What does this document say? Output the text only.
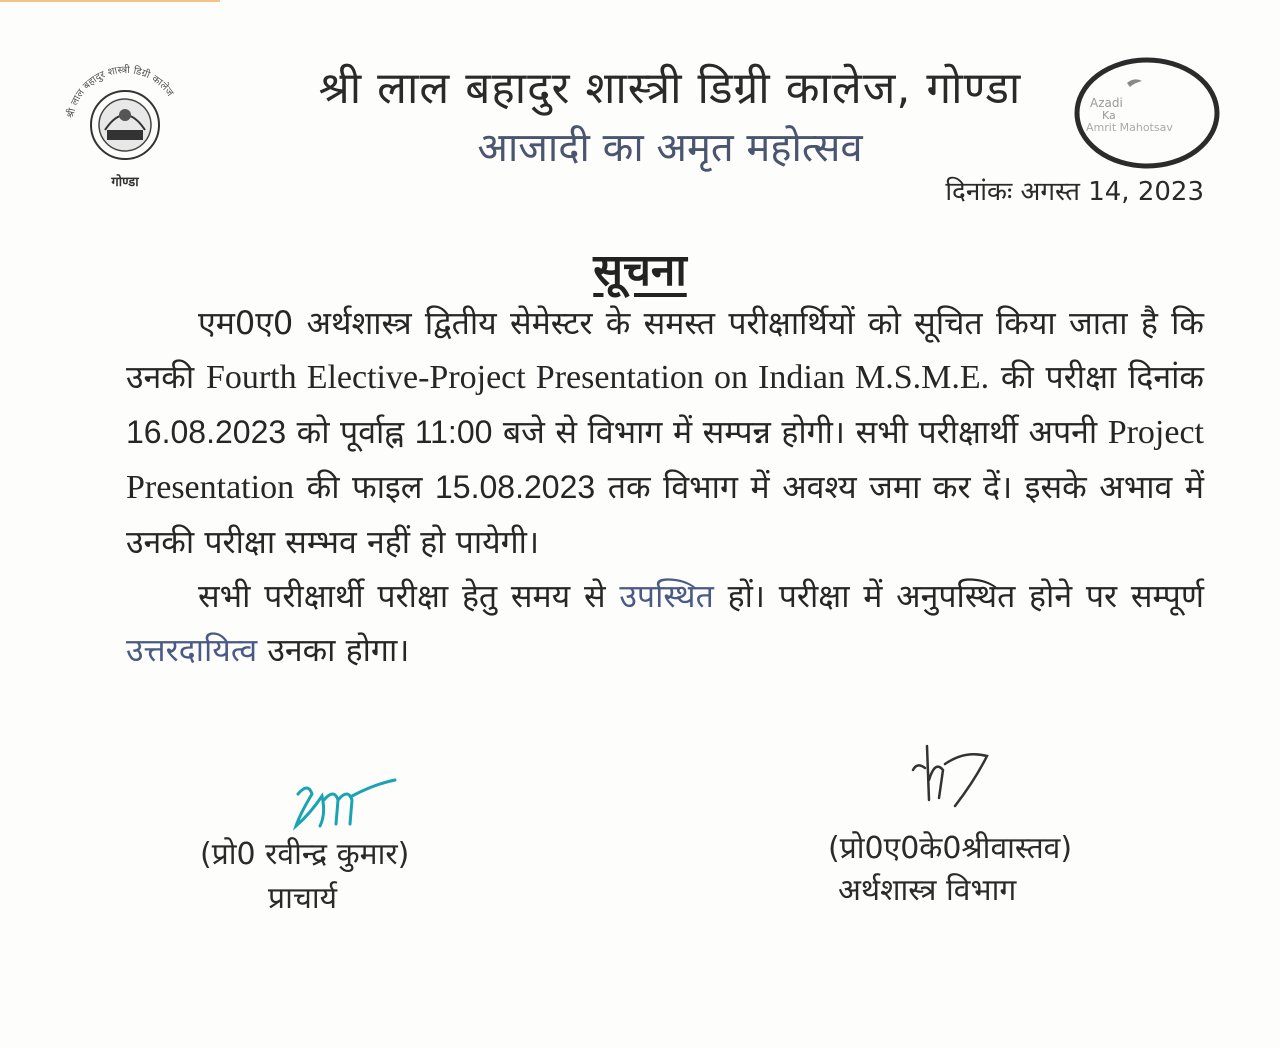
श्री लाल बहादुर शास्त्री डिग्री कालेज
गोण्डा
श्री लाल बहादुर शास्त्री डिग्री कालेज, गोण्डा
आजादी का अमृत महोत्सव
Azadi
Ka
Amrit Mahotsav
दिनांकः अगस्त 14, 2023
सूचना

एम0ए0 अर्थशास्त्र द्वितीय सेमेस्टर के समस्त परीक्षार्थियों को सूचित किया जाता है कि उनकी Fourth Elective-Project Presentation on Indian M.S.M.E. की परीक्षा दिनांक 16.08.2023 को पूर्वाह्न 11:00 बजे से विभाग में सम्पन्न होगी। सभी परीक्षार्थी अपनी Project Presentation की फाइल 15.08.2023 तक विभाग में अवश्य जमा कर दें। इसके अभाव में उनकी परीक्षा सम्भव नहीं हो पायेगी।

सभी परीक्षार्थी परीक्षा हेतु समय से उपस्थित हों। परीक्षा में अनुपस्थित होने पर सम्पूर्ण उत्तरदायित्व उनका होगा।

(प्रो0 रवीन्द्र कुमार)
प्राचार्य
(प्रो0ए0के0श्रीवास्तव)
अर्थशास्त्र विभाग
